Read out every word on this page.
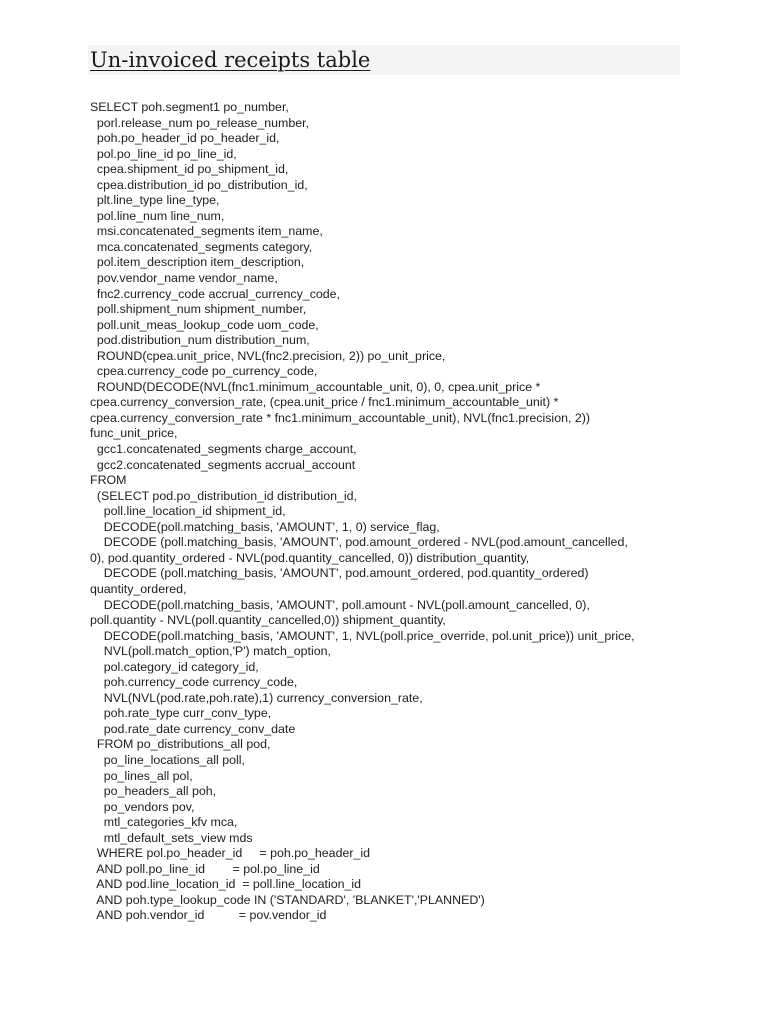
Un-invoiced receipts table
SELECT poh.segment1 po_number,
porl.release_num po_release_number,
poh.po_header_id po_header_id,
pol.po_line_id po_line_id,
cpea.shipment_id po_shipment_id,
cpea.distribution_id po_distribution_id,
plt.line_type line_type,
pol.line_num line_num,
msi.concatenated_segments item_name,
mca.concatenated_segments category,
pol.item_description item_description,
pov.vendor_name vendor_name,
fnc2.currency_code accrual_currency_code,
poll.shipment_num shipment_number,
poll.unit_meas_lookup_code uom_code,
pod.distribution_num distribution_num,
ROUND(cpea.unit_price, NVL(fnc2.precision, 2)) po_unit_price,
cpea.currency_code po_currency_code,
ROUND(DECODE(NVL(fnc1.minimum_accountable_unit, 0), 0, cpea.unit_price *
cpea.currency_conversion_rate, (cpea.unit_price / fnc1.minimum_accountable_unit) *
cpea.currency_conversion_rate * fnc1.minimum_accountable_unit), NVL(fnc1.precision, 2))
func_unit_price,
gcc1.concatenated_segments charge_account,
gcc2.concatenated_segments accrual_account
FROM
(SELECT pod.po_distribution_id distribution_id,
poll.line_location_id shipment_id,
DECODE(poll.matching_basis, 'AMOUNT', 1, 0) service_flag,
DECODE (poll.matching_basis, 'AMOUNT', pod.amount_ordered - NVL(pod.amount_cancelled,
0), pod.quantity_ordered - NVL(pod.quantity_cancelled, 0)) distribution_quantity,
DECODE (poll.matching_basis, 'AMOUNT', pod.amount_ordered, pod.quantity_ordered)
quantity_ordered,
DECODE(poll.matching_basis, 'AMOUNT', poll.amount - NVL(poll.amount_cancelled, 0),
poll.quantity - NVL(poll.quantity_cancelled,0)) shipment_quantity,
DECODE(poll.matching_basis, 'AMOUNT', 1, NVL(poll.price_override, pol.unit_price)) unit_price,
NVL(poll.match_option,'P') match_option,
pol.category_id category_id,
poh.currency_code currency_code,
NVL(NVL(pod.rate,poh.rate),1) currency_conversion_rate,
poh.rate_type curr_conv_type,
pod.rate_date currency_conv_date
FROM po_distributions_all pod,
po_line_locations_all poll,
po_lines_all pol,
po_headers_all poh,
po_vendors pov,
mtl_categories_kfv mca,
mtl_default_sets_view mds
WHERE pol.po_header_id     = poh.po_header_id
AND poll.po_line_id        = pol.po_line_id
AND pod.line_location_id  = poll.line_location_id
AND poh.type_lookup_code IN ('STANDARD', 'BLANKET','PLANNED')
AND poh.vendor_id          = pov.vendor_id
